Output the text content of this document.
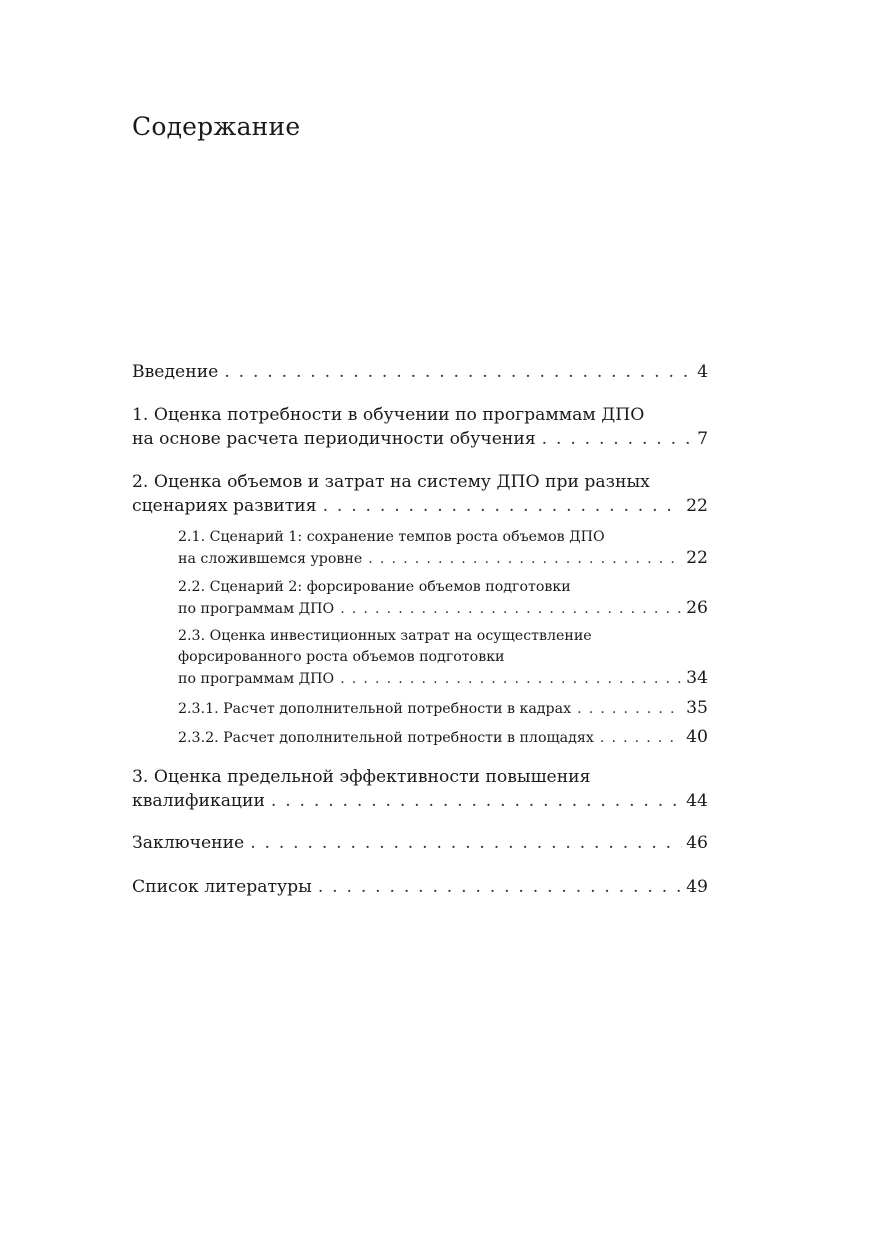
Содержание
Введение . . .	4
1. Оценка потребности в обучении по программам ДПО
на основе расчета периодичности обучения . . .	7
2. Оценка объемов и затрат на систему ДПО при разных
сценариях развития . . .	22
2.1. Сценарий 1: сохранение темпов роста объемов ДПО
на сложившемся уровне . . .	22
2.2. Сценарий 2: форсирование объемов подготовки
по программам ДПО . . .	26
2.3. Оценка инвестиционных затрат на осуществление
форсированного роста объемов подготовки
по программам ДПО . . .	34
2.3.1. Расчет дополнительной потребности в кадрах . . .	35
2.3.2. Расчет дополнительной потребности в площадях . . .	40
3. Оценка предельной эффективности повышения
квалификации . . .	44
Заключение . . .	46
Список литературы . . .	49
